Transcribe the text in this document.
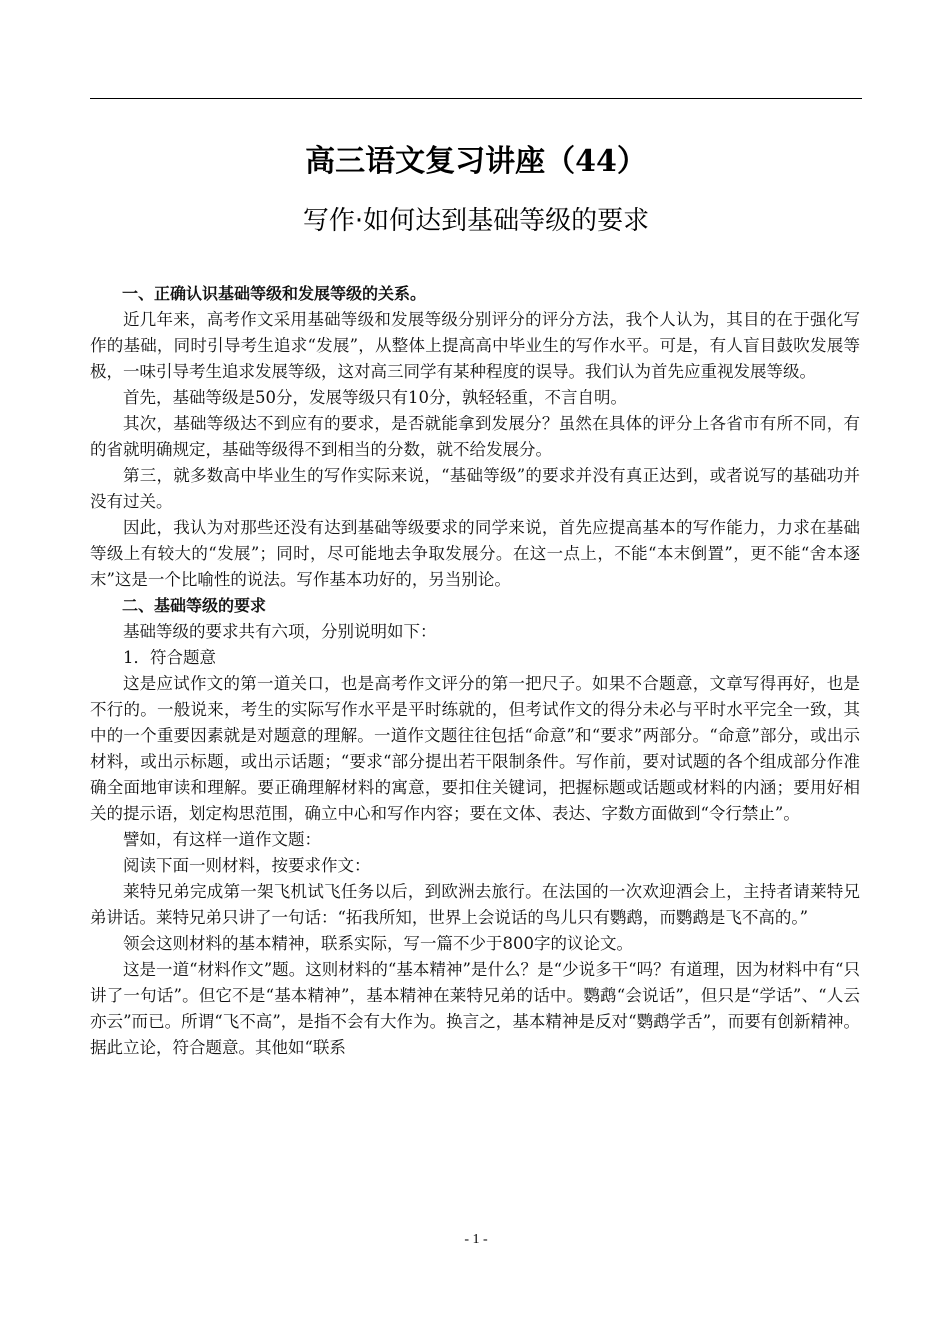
高三语文复习讲座（44）
写作·如何达到基础等级的要求

一、正确认识基础等级和发展等级的关系。

近几年来，高考作文采用基础等级和发展等级分别评分的评分方法，我个人认为，其目的在于强化写作的基础，同时引导考生追求“发展”，从整体上提高高中毕业生的写作水平。可是，有人盲目鼓吹发展等极，一味引导考生追求发展等级，这对高三同学有某种程度的误导。我们认为首先应重视发展等级。

首先，基础等级是50分，发展等级只有10分，孰轻轻重，不言自明。

其次，基础等级达不到应有的要求，是否就能拿到发展分？虽然在具体的评分上各省市有所不同，有的省就明确规定，基础等级得不到相当的分数，就不给发展分。

第三，就多数高中毕业生的写作实际来说，“基础等级”的要求并没有真正达到，或者说写的基础功并没有过关。

因此，我认为对那些还没有达到基础等级要求的同学来说，首先应提高基本的写作能力，力求在基础等级上有较大的“发展”；同时，尽可能地去争取发展分。在这一点上，不能“本末倒置”，更不能“舍本逐末”这是一个比喻性的说法。写作基本功好的，另当别论。

二、基础等级的要求

基础等级的要求共有六项，分别说明如下：

1．符合题意

这是应试作文的第一道关口，也是高考作文评分的第一把尺子。如果不合题意，文章写得再好，也是不行的。一般说来，考生的实际写作水平是平时练就的，但考试作文的得分未必与平时水平完全一致，其中的一个重要因素就是对题意的理解。一道作文题往往包括“命意”和“要求”两部分。“命意”部分，或出示材料，或出示标题，或出示话题；“要求“部分提出若干限制条件。写作前，要对试题的各个组成部分作准确全面地审读和理解。要正确理解材料的寓意，要扣住关键词，把握标题或话题或材料的内涵；要用好相关的提示语，划定构思范围，确立中心和写作内容；要在文体、表达、字数方面做到“令行禁止”。

譬如，有这样一道作文题：

阅读下面一则材料，按要求作文：

莱特兄弟完成第一架飞机试飞任务以后，到欧洲去旅行。在法国的一次欢迎酒会上，主持者请莱特兄弟讲话。莱特兄弟只讲了一句话：“拓我所知，世界上会说话的鸟儿只有鹦鹉，而鹦鹉是飞不高的。”

领会这则材料的基本精神，联系实际，写一篇不少于800字的议论文。

这是一道“材料作文”题。这则材料的“基本精神”是什么？是“少说多干“吗？有道理，因为材料中有“只讲了一句话”。但它不是“基本精神”，基本精神在莱特兄弟的话中。鹦鹉“会说话”，但只是“学话”、“人云亦云”而已。所谓“飞不高”，是指不会有大作为。换言之，基本精神是反对“鹦鹉学舌”，而要有创新精神。据此立论，符合题意。其他如“联系

- 1 -
